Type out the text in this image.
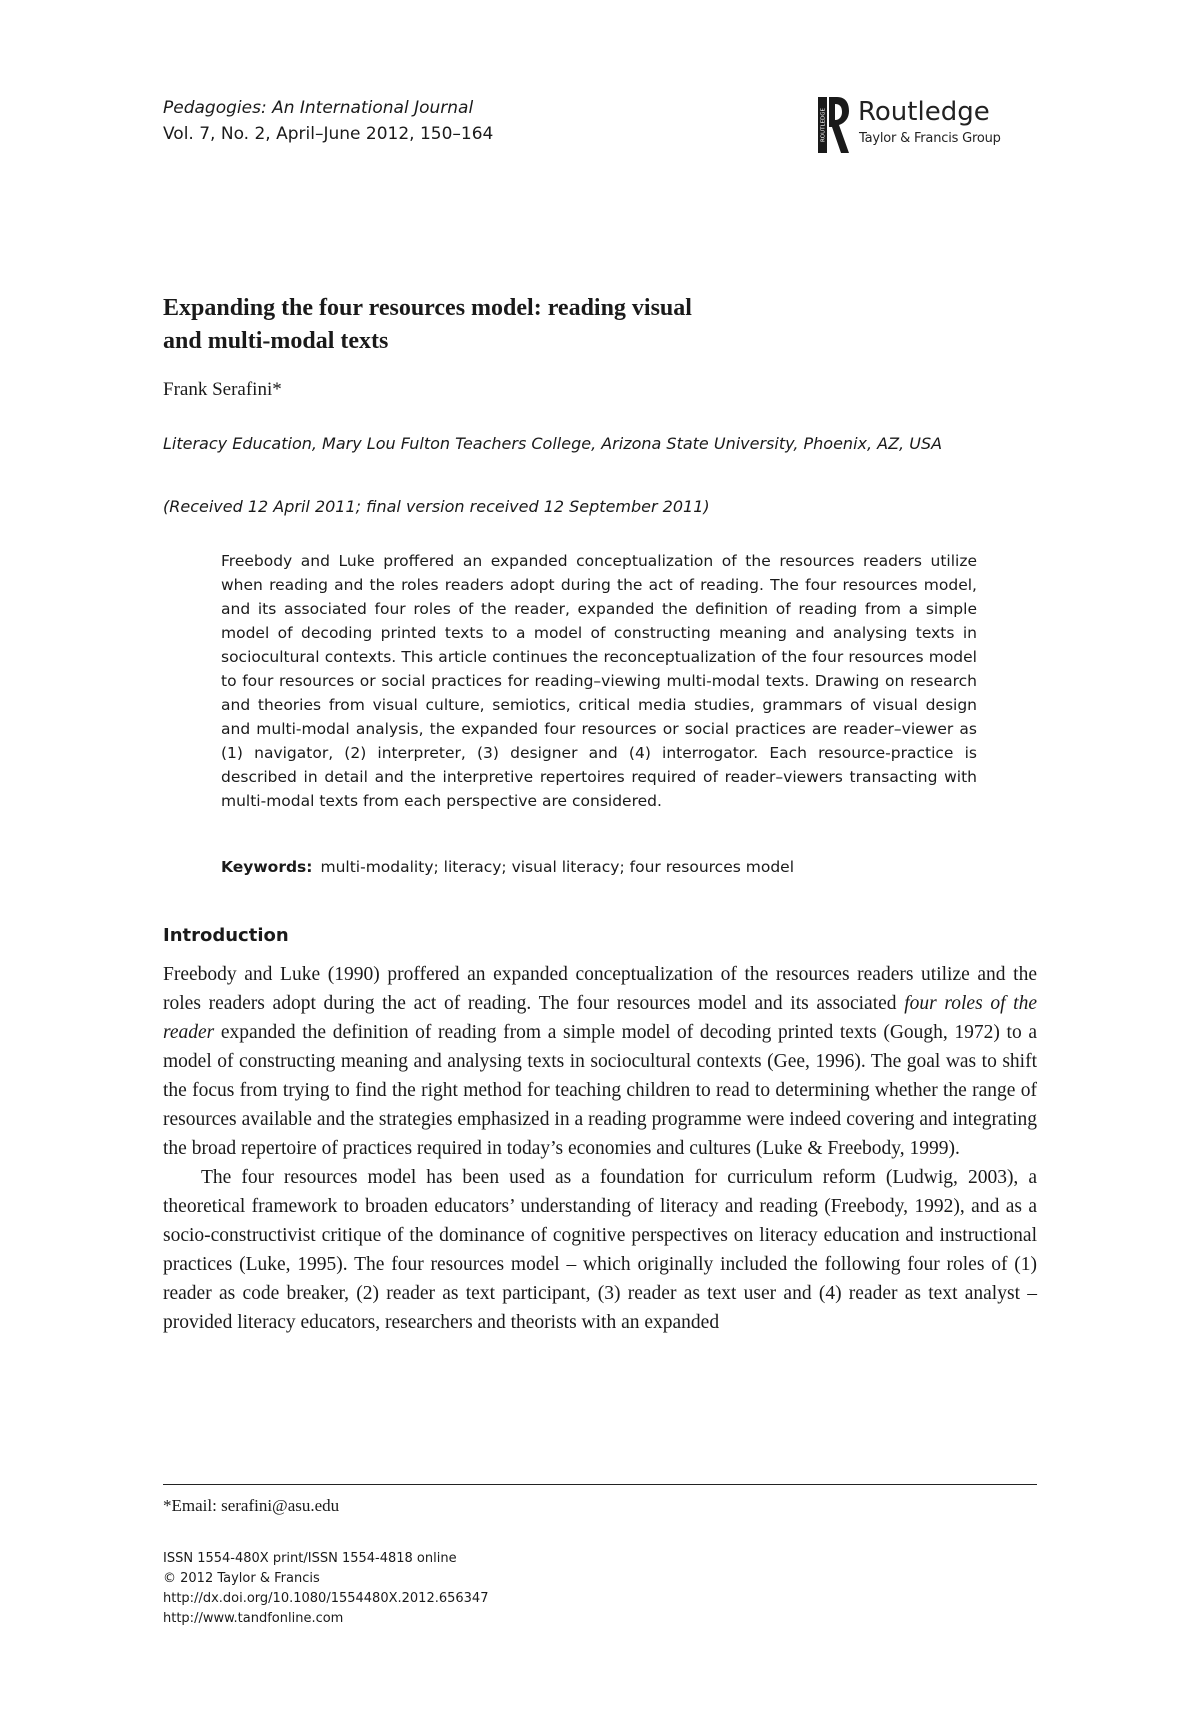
Pedagogies: An International Journal
Vol. 7, No. 2, April–June 2012, 150–164	ROUTLEDGE Routledge
Taylor & Francis Group
Expanding the four resources model: reading visual
and multi-modal texts
Frank Serafini*
Literacy Education, Mary Lou Fulton Teachers College, Arizona State University, Phoenix, AZ, USA
(Received 12 April 2011; final version received 12 September 2011)
Freebody and Luke proffered an expanded conceptualization of the resources readers utilize when reading and the roles readers adopt during the act of reading. The four resources model, and its associated four roles of the reader, expanded the definition of reading from a simple model of decoding printed texts to a model of constructing meaning and analysing texts in sociocultural contexts. This article continues the reconceptualization of the four resources model to four resources or social practices for reading–viewing multi-modal texts. Drawing on research and theories from visual culture, semiotics, critical media studies, grammars of visual design and multi-modal analysis, the expanded four resources or social practices are reader–viewer as (1) navigator, (2) interpreter, (3) designer and (4) interrogator. Each resource-practice is described in detail and the interpretive repertoires required of reader–viewers transacting with multi-modal texts from each perspective are considered.
Keywords: multi-modality; literacy; visual literacy; four resources model
Introduction

Freebody and Luke (1990) proffered an expanded conceptualization of the resources readers utilize and the roles readers adopt during the act of reading. The four resources model and its associated four roles of the reader expanded the definition of reading from a simple model of decoding printed texts (Gough, 1972) to a model of constructing meaning and analysing texts in sociocultural contexts (Gee, 1996). The goal was to shift the focus from trying to find the right method for teaching children to read to determining whether the range of resources available and the strategies emphasized in a reading programme were indeed covering and integrating the broad repertoire of practices required in today’s economies and cultures (Luke & Freebody, 1999).

The four resources model has been used as a foundation for curriculum reform (Ludwig, 2003), a theoretical framework to broaden educators’ understanding of literacy and reading (Freebody, 1992), and as a socio-constructivist critique of the dominance of cognitive perspectives on literacy education and instructional practices (Luke, 1995). The four resources model – which originally included the following four roles of (1) reader as code breaker, (2) reader as text participant, (3) reader as text user and (4) reader as text analyst – provided literacy educators, researchers and theorists with an expanded

*Email: serafini@asu.edu
ISSN 1554-480X print/ISSN 1554-4818 online
© 2012 Taylor & Francis
http://dx.doi.org/10.1080/1554480X.2012.656347
http://www.tandfonline.com
